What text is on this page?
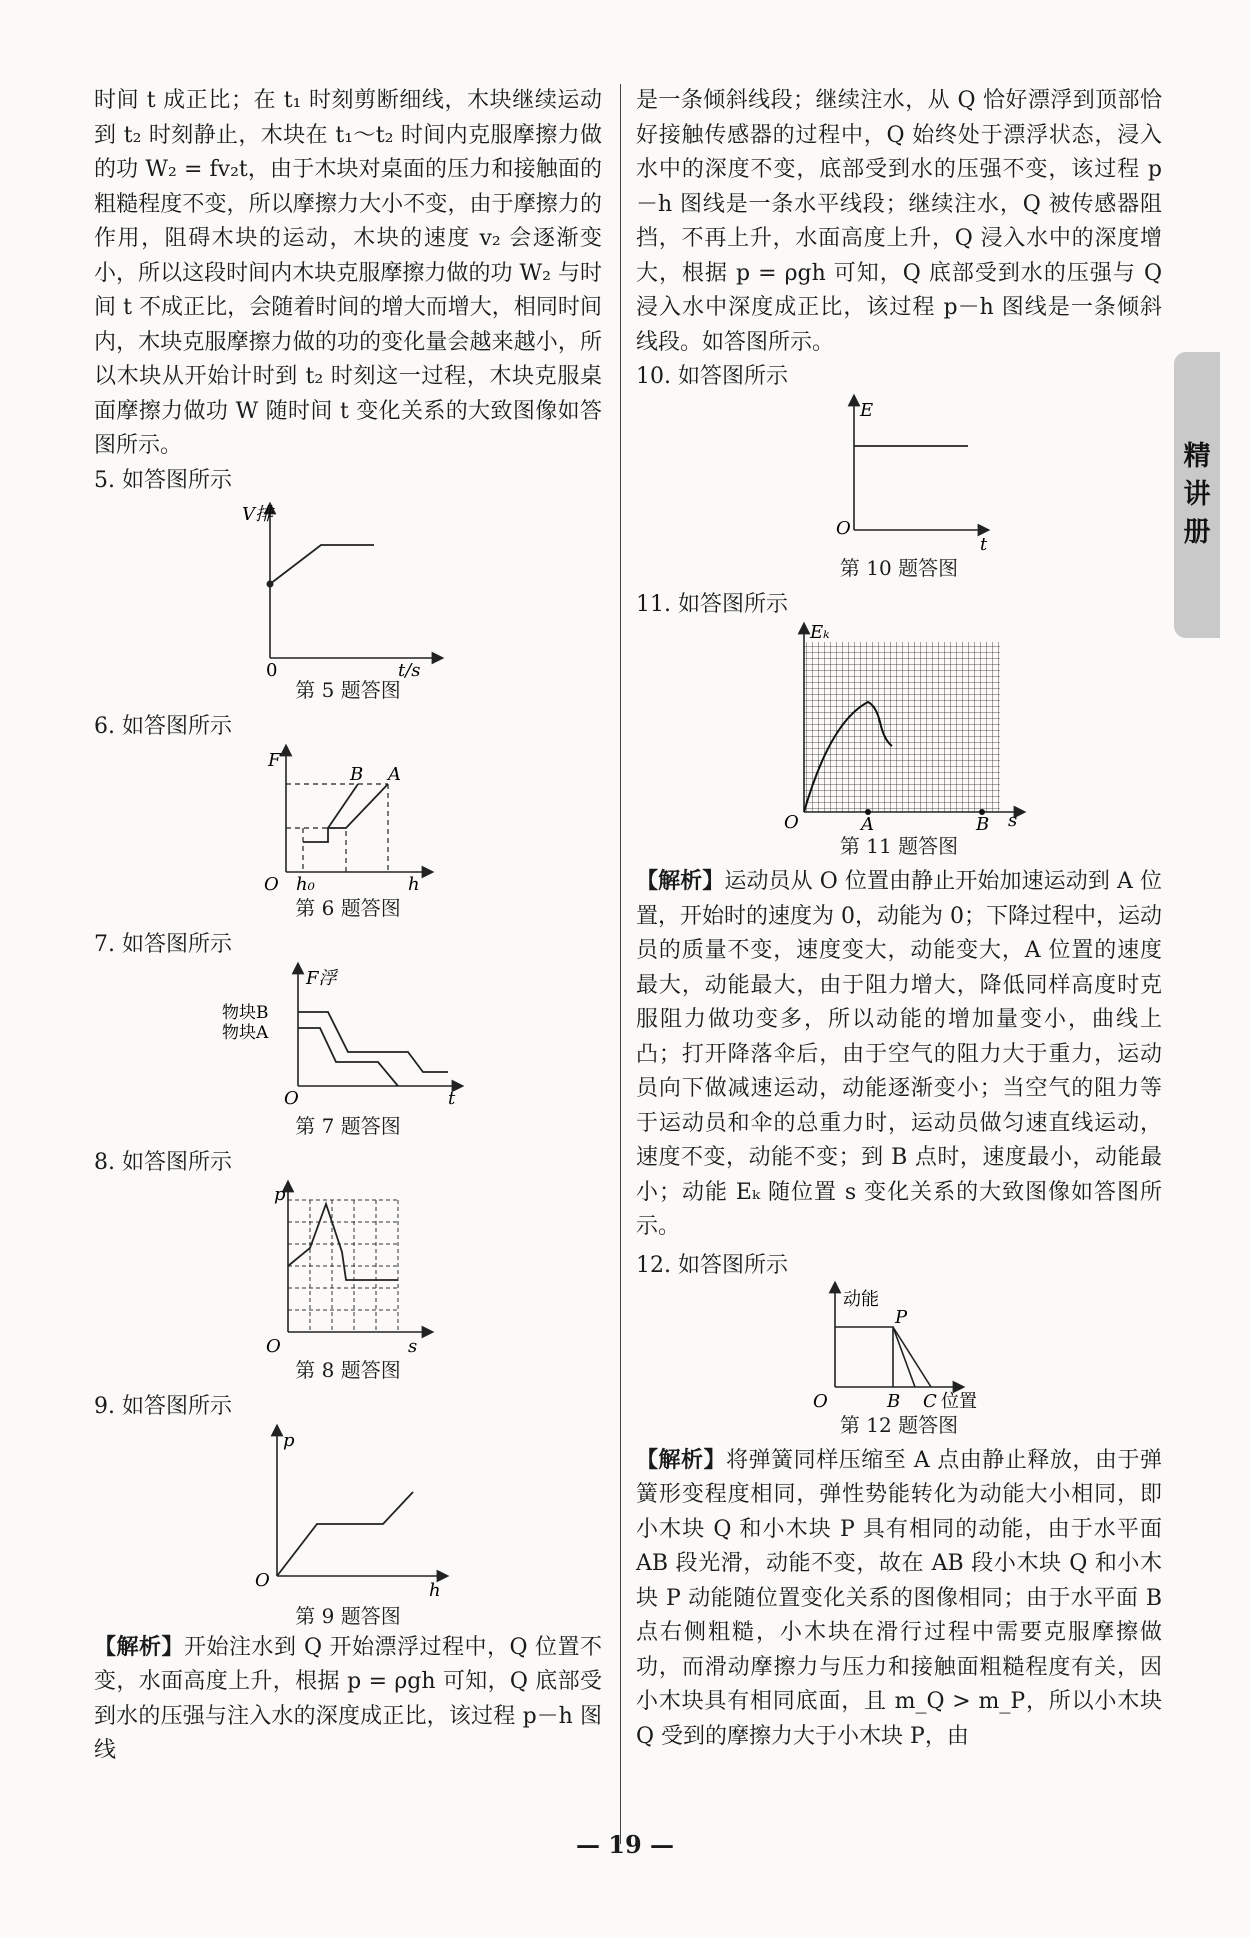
精
讲
册

时间 t 成正比；在 t₁ 时刻剪断细线，木块继续运动到 t₂ 时刻静止，木块在 t₁～t₂ 时间内克服摩擦力做的功 W₂ = fv₂t，由于木块对桌面的压力和接触面的粗糙程度不变，所以摩擦力大小不变，由于摩擦力的作用，阻碍木块的运动，木块的速度 v₂ 会逐渐变小，所以这段时间内木块克服摩擦力做的功 W₂ 与时间 t 不成正比，会随着时间的增大而增大，相同时间内，木块克服摩擦力做的功的变化量会越来越小，所以木块从开始计时到 t₂ 时刻这一过程，木块克服桌面摩擦力做功 W 随时间 t 变化关系的大致图像如答图所示。

5. 如答图所示

V排
0	t/s

第 5 题答图

6. 如答图所示

F
B A
O h₀	h

第 6 题答图

7. 如答图所示

F浮
物块B
物块A
O	t

第 7 题答图

8. 如答图所示

p
O	s

第 8 题答图

9. 如答图所示

p
O	h

第 9 题答图

【解析】开始注水到 Q 开始漂浮过程中，Q 位置不变，水面高度上升，根据 p = ρgh 可知，Q 底部受到水的压强与注入水的深度成正比，该过程 p－h 图线

是一条倾斜线段；继续注水，从 Q 恰好漂浮到顶部恰好接触传感器的过程中，Q 始终处于漂浮状态，浸入水中的深度不变，底部受到水的压强不变，该过程 p－h 图线是一条水平线段；继续注水，Q 被传感器阻挡，不再上升，水面高度上升，Q 浸入水中的深度增大，根据 p = ρgh 可知，Q 底部受到水的压强与 Q 浸入水中深度成正比，该过程 p－h 图线是一条倾斜线段。如答图所示。

10. 如答图所示

E
O
t

第 10 题答图

11. 如答图所示

Eₖ
O	A	B s

第 11 题答图

【解析】运动员从 O 位置由静止开始加速运动到 A 位置，开始时的速度为 0，动能为 0；下降过程中，运动员的质量不变，速度变大，动能变大，A 位置的速度最大，动能最大，由于阻力增大，降低同样高度时克服阻力做功变多，所以动能的增加量变小，曲线上凸；打开降落伞后，由于空气的阻力大于重力，运动员向下做减速运动，动能逐渐变小；当空气的阻力等于运动员和伞的总重力时，运动员做匀速直线运动，速度不变，动能不变；到 B 点时，速度最小，动能最小；动能 Eₖ 随位置 s 变化关系的大致图像如答图所示。

12. 如答图所示

动能
P
O	B C 位置

第 12 题答图

【解析】将弹簧同样压缩至 A 点由静止释放，由于弹簧形变程度相同，弹性势能转化为动能大小相同，即小木块 Q 和小木块 P 具有相同的动能，由于水平面 AB 段光滑，动能不变，故在 AB 段小木块 Q 和小木块 P 动能随位置变化关系的图像相同；由于水平面 B 点右侧粗糙，小木块在滑行过程中需要克服摩擦做功，而滑动摩擦力与压力和接触面粗糙程度有关，因小木块具有相同底面，且 m_Q > m_P，所以小木块 Q 受到的摩擦力大于小木块 P，由

— 19 —
